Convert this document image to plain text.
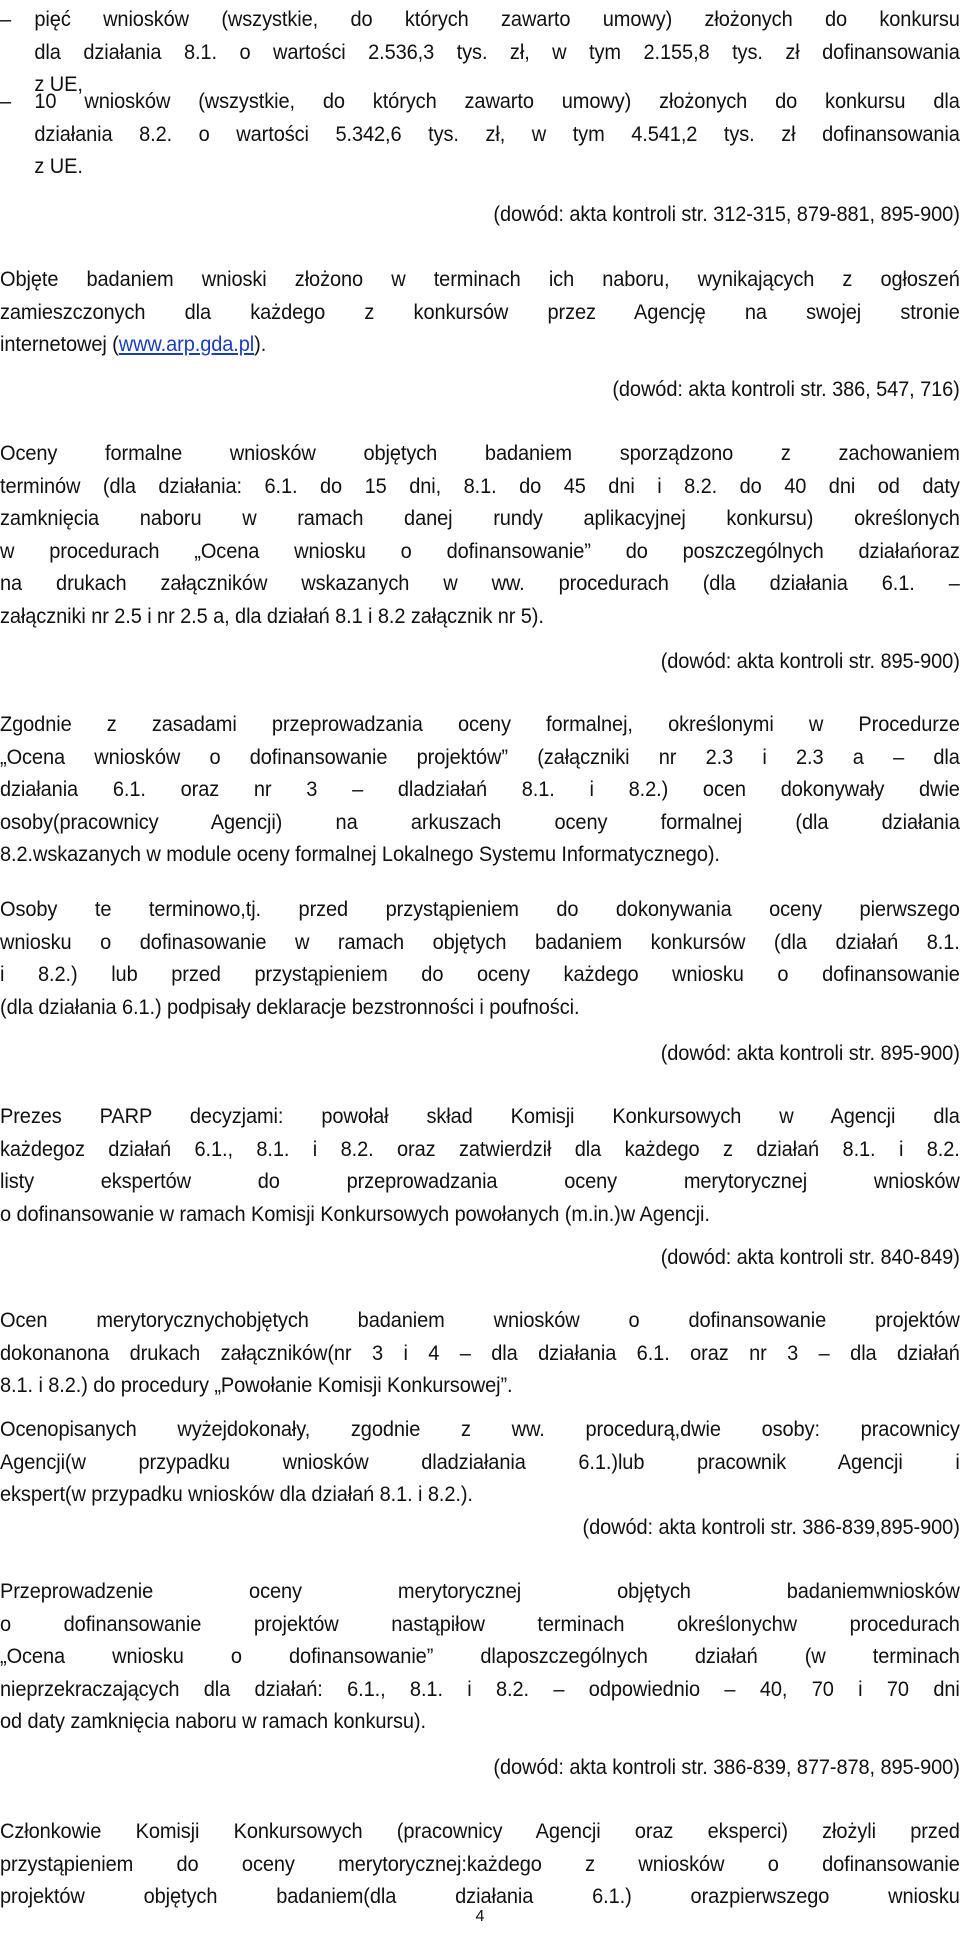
– pięć wniosków (wszystkie, do których zawarto umowy) złożonych do konkursu
dla działania 8.1. o wartości 2.536,3 tys. zł, w tym 2.155,8 tys. zł dofinansowania
z UE,
– 10 wniosków (wszystkie, do których zawarto umowy) złożonych do konkursu dla
działania 8.2. o wartości 5.342,6 tys. zł, w tym 4.541,2 tys. zł dofinansowania
z UE.
(dowód: akta kontroli str. 312-315, 879-881, 895-900)
Objęte badaniem wnioski złożono w terminach ich naboru, wynikających z ogłoszeń
zamieszczonych dla każdego z konkursów przez Agencję na swojej stronie
internetowej (www.arp.gda.pl).
(dowód: akta kontroli str. 386, 547, 716)
Oceny formalne wniosków objętych badaniem sporządzono z zachowaniem
terminów (dla działania: 6.1. do 15 dni, 8.1. do 45 dni i 8.2. do 40 dni od daty
zamknięcia naboru w ramach danej rundy aplikacyjnej konkursu) określonych
w procedurach „Ocena wniosku o dofinansowanie” do poszczególnych działańoraz
na drukach załączników wskazanych w ww. procedurach (dla działania 6.1. –
załączniki nr 2.5 i nr 2.5 a, dla działań 8.1 i 8.2 załącznik nr 5).
(dowód: akta kontroli str. 895-900)
Zgodnie z zasadami przeprowadzania oceny formalnej, określonymi w Procedurze
„Ocena wniosków o dofinansowanie projektów” (załączniki nr 2.3 i 2.3 a – dla
działania 6.1. oraz nr 3 – dladziałań 8.1. i 8.2.) ocen dokonywały dwie
osoby(pracownicy Agencji) na arkuszach oceny formalnej (dla działania
8.2.wskazanych w module oceny formalnej Lokalnego Systemu Informatycznego).
Osoby te terminowo,tj. przed przystąpieniem do dokonywania oceny pierwszego
wniosku o dofinasowanie w ramach objętych badaniem konkursów (dla działań 8.1.
i 8.2.) lub przed przystąpieniem do oceny każdego wniosku o dofinansowanie
(dla działania 6.1.) podpisały deklaracje bezstronności i poufności.
(dowód: akta kontroli str. 895-900)
Prezes PARP decyzjami: powołał skład Komisji Konkursowych w Agencji dla
każdegoz działań 6.1., 8.1. i 8.2. oraz zatwierdził dla każdego z działań 8.1. i 8.2.
listy ekspertów do przeprowadzania oceny merytorycznej wniosków
o dofinansowanie w ramach Komisji Konkursowych powołanych (m.in.)w Agencji.
(dowód: akta kontroli str. 840-849)
Ocen merytorycznychobjętych badaniem wniosków o dofinansowanie projektów
dokonanona drukach załączników(nr 3 i 4 – dla działania 6.1. oraz nr 3 – dla działań
8.1. i 8.2.) do procedury „Powołanie Komisji Konkursowej”.
Ocenopisanych wyżejdokonały, zgodnie z ww. procedurą,dwie osoby: pracownicy
Agencji(w przypadku wniosków dladziałania 6.1.)lub pracownik Agencji i
ekspert(w przypadku wniosków dla działań 8.1. i 8.2.).
(dowód: akta kontroli str. 386-839,895-900)
Przeprowadzenie oceny merytorycznej objętych badaniemwniosków
o dofinansowanie projektów nastąpiłow terminach określonychw procedurach
„Ocena wniosku o dofinansowanie” dlaposzczególnych działań (w terminach
nieprzekraczających dla działań: 6.1., 8.1. i 8.2. – odpowiednio – 40, 70 i 70 dni
od daty zamknięcia naboru w ramach konkursu).
(dowód: akta kontroli str. 386-839, 877-878, 895-900)
Członkowie Komisji Konkursowych (pracownicy Agencji oraz eksperci) złożyli przed
przystąpieniem do oceny merytorycznej:każdego z wniosków o dofinansowanie
projektów objętych badaniem(dla działania 6.1.) orazpierwszego wniosku
4
